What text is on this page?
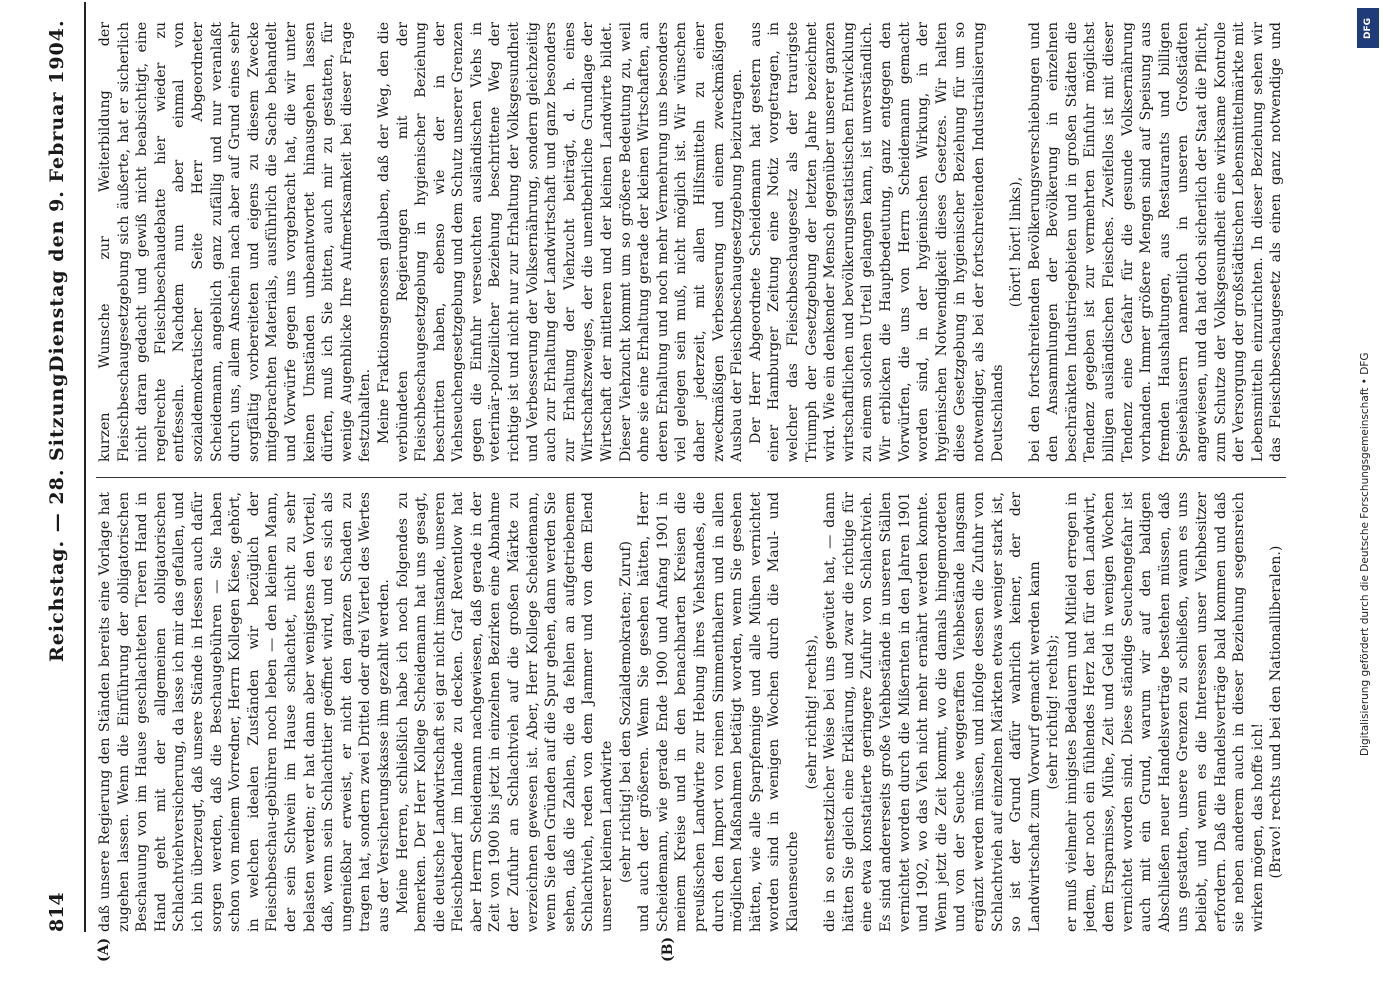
814
Reichstag. — 28. Sitzung.
Dienstag den 9. Februar 1904.
(A)	(B)

daß unsere Regierung den Ständen bereits eine Vorlage hat zugehen lassen. Wenn die Einführung der obligatorischen Beschauung von im Hause geschlachteten Tieren Hand in Hand geht mit der allgemeinen obligatorischen Schlachtviehversicherung, da lasse ich mir das gefallen, und ich bin überzeugt, daß unsere Stände in Hessen auch dafür sorgen werden, daß die Beschaugebühren — Sie haben schon von meinem Vorredner, Herrn Kollegen Kiese, gehört, in welchen idealen Zuständen wir bezüglich der Fleischbeschau-gebühren noch leben — den kleinen Mann, der sein Schwein im Hause schlachtet, nicht zu sehr belasten werden; er hat dann aber wenigstens den Vorteil, daß, wenn sein Schlachttier geöffnet wird, und es sich als ungenießbar erweist, er nicht den ganzen Schaden zu tragen hat, sondern zwei Drittel oder drei Viertel des Wertes aus der Versicherungskasse ihm gezahlt werden. Meine Herren, schließlich habe ich noch folgendes zu bemerken. Der Herr Kollege Scheidemann hat uns gesagt, die deutsche Landwirtschaft sei gar nicht imstande, unseren Fleischbedarf im Inlande zu decken. Graf Reventlow hat aber Herrn Scheidemann nachgewiesen, daß gerade in der Zeit von 1900 bis jetzt in einzelnen Bezirken eine Abnahme der Zufuhr an Schlachtvieh auf die großen Märkte zu verzeichnen gewesen ist. Aber, Herr Kollege Scheidemann, wenn Sie den Gründen auf die Spur gehen, dann werden Sie sehen, daß die Zahlen, die da fehlen an aufgetriebenem Schlachtvieh, reden von dem Jammer und von dem Elend unserer kleinen Landwirte (sehr richtig! bei den Sozialdemokraten; Zuruf) und auch der größeren. Wenn Sie gesehen hätten, Herr Scheidemann, wie gerade Ende 1900 und Anfang 1901 in meinem Kreise und in den benachbarten Kreisen die preußischen Landwirte zur Hebung ihres Viehstandes, die durch den Import von reinen Simmenthalern und in allen möglichen Maßnahmen betätigt worden, wenn Sie gesehen hätten, wie alle Sparpfennige und alle Mühen vernichtet worden sind in wenigen Wochen durch die Maul- und Klauenseuche

(sehr richtig! rechts), die in so entsetzlicher Weise bei uns gewütet hat, — dann hätten Sie gleich eine Erklärung, und zwar die richtige für eine etwa konstatierte geringere Zufuhr von Schlachtvieh. Es sind andererseits große Viehbestände in unseren Ställen vernichtet worden durch die Mißernten in den Jahren 1901 und 1902, wo das Vieh nicht mehr ernährt werden konnte. Wenn jetzt die Zeit kommt, wo die damals hingemordeten und von der Seuche weggeraffen Viehbestände langsam ergänzt werden müssen, und infolge dessen die Zufuhr von Schlachtvieh auf einzelnen Märkten etwas weniger stark ist, so ist der Grund dafür wahrlich keiner, der der Landwirtschaft zum Vorwurf gemacht werden kann (sehr richtig! rechts); er muß vielmehr innigstes Bedauern und Mitleid erregen in jedem, der noch ein fühlendes Herz hat für den Landwirt, dem Ersparnisse, Mühe, Zeit und Geld in wenigen Wochen vernichtet worden sind. Diese ständige Seuchengefahr ist auch mit ein Grund, warum wir auf den baldigen Abschließen neuer Handelsverträge bestehen müssen, daß uns gestatten, unsere Grenzen zu schließen, wann es uns beliebt, und wenn es die Interessen unser Viehbesitzer erfordern. Daß die Handelsverträge bald kommen und daß sie neben anderem auch in dieser Beziehung segensreich wirken mögen, das hoffe ich! (Bravo! rechts und bei den Nationalliberalen.)

kurzen Wunsche zur Weiterbildung der Fleischbeschaugesetzgebung sich äußerte, hat er sicherlich nicht daran gedacht und gewiß nicht beabsichtigt, eine regelrechte Fleischbeschaudebatte hier wieder zu entfesseln. Nachdem nun aber einmal von sozialdemokratischer Seite Herr Abgeordneter Scheidemann, angeblich ganz zufällig und nur veranlaßt durch uns, allem Anschein nach aber auf Grund eines sehr sorgfältig vorbereiteten und eigens zu diesem Zwecke mitgebrachten Materials, ausführlich die Sache behandelt und Vorwürfe gegen uns vorgebracht hat, die wir unter keinen Umständen unbeantwortet hinausgehen lassen dürfen, muß ich Sie bitten, auch mir zu gestatten, für wenige Augenblicke Ihre Aufmerksamkeit bei dieser Frage festzuhalten. Meine Fraktionsgenossen glauben, daß der Weg, den die verbündeten Regierungen mit der Fleischbeschaugesetzgebung in hygienischer Beziehung beschritten haben, ebenso wie der in der Viehseuchengesetzgebung und dem Schutz unserer Grenzen gegen die Einfuhr verseuchten ausländischen Viehs in veterinär-polizeilicher Beziehung beschrittene Weg der richtige ist und nicht nur zur Erhaltung der Volksgesundheit und Verbesserung der Volksernährung, sondern gleichzeitig auch zur Erhaltung der Landwirtschaft und ganz besonders zur Erhaltung der Viehzucht beiträgt, d. h. eines Wirtschaftszweiges, der die unentbehrliche Grundlage der Wirtschaft der mittleren und der kleinen Landwirte bildet. Dieser Viehzucht kommt um so größere Bedeutung zu, weil ohne sie eine Erhaltung gerade der kleinen Wirtschaften, an deren Erhaltung und noch mehr Vermehrung uns besonders viel gelegen sein muß, nicht möglich ist. Wir wünschen daher jederzeit, mit allen Hilfsmitteln zu einer zweckmäßigen Verbesserung und einem zweckmäßigen Ausbau der Fleischbeschaugesetzgebung beizutragen. Der Herr Abgeordnete Scheidemann hat gestern aus einer Hamburger Zeitung eine Notiz vorgetragen, in welcher das Fleischbeschaugesetz als der traurigste Triumph der Gesetzgebung der letzten Jahre bezeichnet wird. Wie ein denkender Mensch gegenüber unserer ganzen wirtschaftlichen und bevölkerungsstatistischen Entwicklung zu einem solchen Urteil gelangen kann, ist unverständlich. Wir erblicken die Hauptbedeutung, ganz entgegen den Vorwürfen, die uns von Herrn Scheidemann gemacht worden sind, in der hygienischen Wirkung, in der hygienischen Notwendigkeit dieses Gesetzes. Wir halten diese Gesetzgebung in hygienischer Beziehung für um so notwendiger, als bei der fortschreitenden Industrialisierung Deutschlands

(hört! hört! links),

bei den fortschreitenden Bevölkerungsverschiebungen und den Ansammlungen der Bevölkerung in einzelnen beschränkten Industriegebieten und in großen Städten die Tendenz gegeben ist zur vermehrten Einfuhr möglichst billigen ausländischen Fleisches. Zweifellos ist mit dieser Tendenz eine Gefahr für die gesunde Volksernährung vorhanden. Immer größere Mengen sind auf Speisung aus fremden Haushaltungen, aus Restaurants und billigen Speisehäusern namentlich in unseren Großstädten angewiesen, und da hat doch sicherlich der Staat die Pflicht, zum Schutze der Volksgesundheit eine wirksame Kontrolle der Versorgung der großstädtischen Lebensmittelmärkte mit Lebensmitteln einzurichten. In dieser Beziehung sehen wir das Fleischbeschaugesetz als einen ganz notwendige und	DFG
Digitalisierung gefördert durch die Deutsche Forschungsgemeinschaft • DFG
